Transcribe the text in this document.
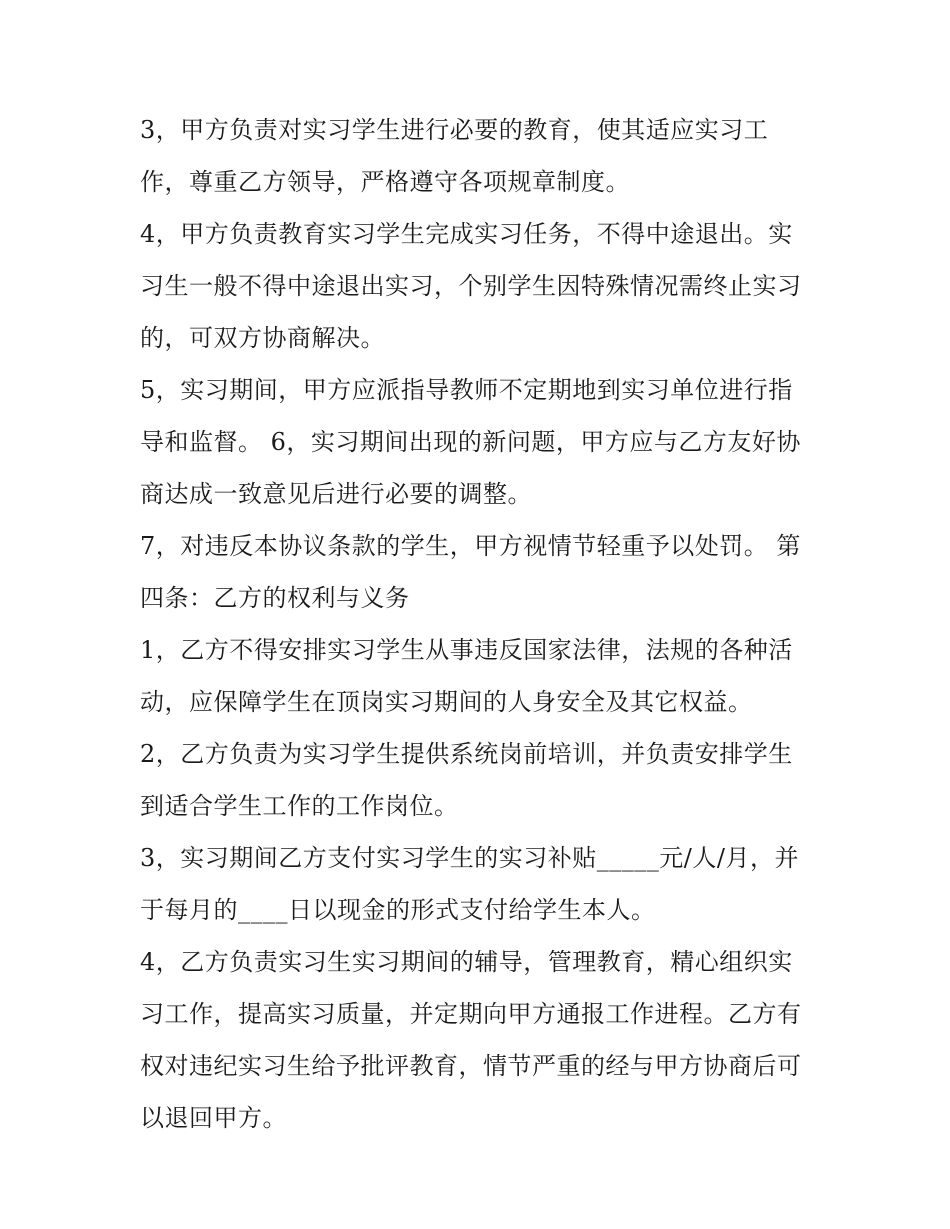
3，甲方负责对实习学生进行必要的教育，使其适应实习工
作，尊重乙方领导，严格遵守各项规章制度。
4，甲方负责教育实习学生完成实习任务，不得中途退出。实
习生一般不得中途退出实习，个别学生因特殊情况需终止实习
的，可双方协商解决。
5，实习期间，甲方应派指导教师不定期地到实习单位进行指
导和监督。 6，实习期间出现的新问题，甲方应与乙方友好协
商达成一致意见后进行必要的调整。
7，对违反本协议条款的学生，甲方视情节轻重予以处罚。 第
四条：乙方的权利与义务
1，乙方不得安排实习学生从事违反国家法律，法规的各种活
动，应保障学生在顶岗实习期间的人身安全及其它权益。
2，乙方负责为实习学生提供系统岗前培训，并负责安排学生
到适合学生工作的工作岗位。
3，实习期间乙方支付实习学生的实习补贴_____元/人/月，并
于每月的____日以现金的形式支付给学生本人。
4，乙方负责实习生实习期间的辅导，管理教育，精心组织实
习工作，提高实习质量，并定期向甲方通报工作进程。乙方有
权对违纪实习生给予批评教育，情节严重的经与甲方协商后可
以退回甲方。
